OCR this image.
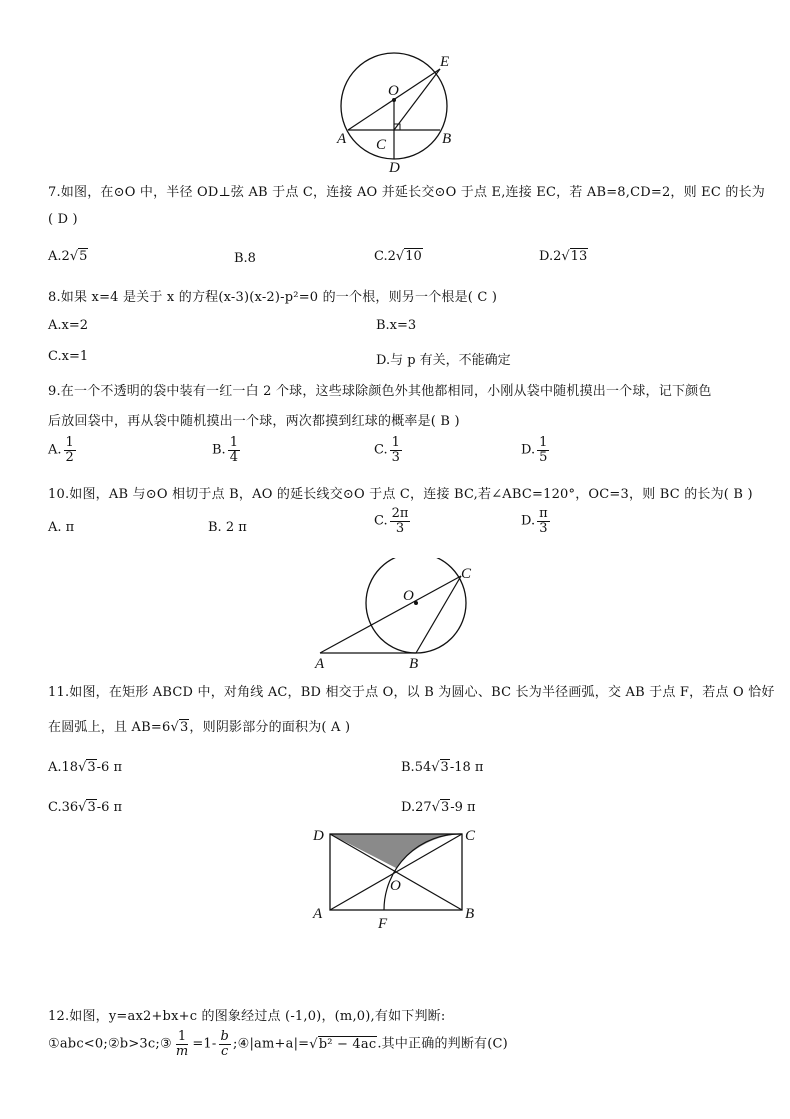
O
E
A	B
C
D
7.如图，在⊙O 中，半径 OD⊥弦 AB 于点 C，连接 AO 并延长交⊙O 于点 E,连接 EC，若 AB=8,CD=2，则 EC 的长为
( D )
A.2√5	B.8	C.2√10	D.2√13
8.如果 x=4 是关于 x 的方程(x-3)(x-2)-p²=0 的一个根，则另一个根是( C )
A.x=2	B.x=3
C.x=1	D.与 p 有关，不能确定
9.在一个不透明的袋中装有一红一白 2 个球，这些球除颜色外其他都相同，小刚从袋中随机摸出一个球，记下颜色
后放回袋中，再从袋中随机摸出一个球，两次都摸到红球的概率是( B )
A. $\frac{1}{2}$	B. $\frac{1}{4}$	C. $\frac{1}{3}$	D. $\frac{1}{5}$
10.如图，AB 与⊙O 相切于点 B，AO 的延长线交⊙O 于点 C，连接 BC,若∠ABC=120°，OC=3，则 BC 的长为( B )
A. π	B. 2 π	C. $\frac{2\pi}{3}$	D. $\frac{\pi}{3}$
O
C
A	B
11.如图，在矩形 ABCD 中，对角线 AC，BD 相交于点 O，以 B 为圆心、BC 长为半径画弧，交 AB 于点 F，若点 O 恰好
在圆弧上，且 AB=6√3，则阴影部分的面积为( A )
A.18√3-6 π	B.54√3-18 π
C.36√3-6 π	D.27√3-9 π
D	C
O
A	B
F
12.如图，y=ax2+bx+c 的图象经过点 (-1,0)，(m,0),有如下判断:
①abc<0;②b>3c;③ $\frac{1}{m} =1- \frac{b}{c}$ ;④|am+a|=√b² − 4ac.其中正确的判断有(C)
